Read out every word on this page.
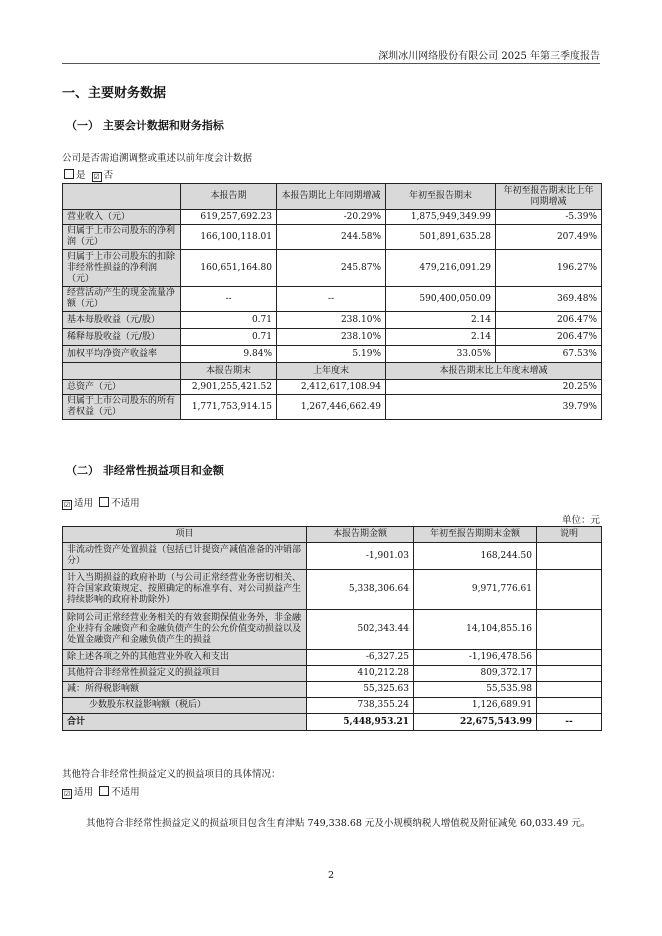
深圳冰川网络股份有限公司 2025 年第三季度报告
一、主要财务数据
（一） 主要会计数据和财务指标
公司是否需追溯调整或重述以前年度会计数据
是 ☑ 否
	本报告期	本报告期比上年同期增减	年初至报告期末	年初至报告期末比上年同期增减
营业收入（元）	619,257,692.23	-20.29%	1,875,949,349.99	-5.39%
归属于上市公司股东的净利润（元）	166,100,118.01	244.58%	501,891,635.28	207.49%
归属于上市公司股东的扣除非经常性损益的净利润（元）	160,651,164.80	245.87%	479,216,091.29	196.27%
经营活动产生的现金流量净额（元）	--	--	590,400,050.09	369.48%
基本每股收益（元/股）	0.71	238.10%	2.14	206.47%
稀释每股收益（元/股）	0.71	238.10%	2.14	206.47%
加权平均净资产收益率	9.84%	5.19%	33.05%	67.53%
	本报告期末	上年度末	本报告期末比上年度末增减	
总资产（元）	2,901,255,421.52	2,412,617,108.94	20.25%	
归属于上市公司股东的所有者权益（元）	1,771,753,914.15	1,267,446,662.49	39.79%	
（二） 非经常性损益项目和金额
☑ 适用 不适用
单位：元
项目	本报告期金额	年初至报告期期末金额	说明
非流动性资产处置损益（包括已计提资产减值准备的冲销部分）	-1,901.03	168,244.50	
计入当期损益的政府补助（与公司正常经营业务密切相关、符合国家政策规定、按照确定的标准享有、对公司损益产生持续影响的政府补助除外）	5,338,306.64	9,971,776.61	
除同公司正常经营业务相关的有效套期保值业务外，非金融企业持有金融资产和金融负债产生的公允价值变动损益以及处置金融资产和金融负债产生的损益	502,343.44	14,104,855.16	
除上述各项之外的其他营业外收入和支出	-6,327.25	-1,196,478.56	
其他符合非经常性损益定义的损益项目	410,212.28	809,372.17	
减：所得税影响额	55,325.63	55,535.98	
少数股东权益影响额（税后）	738,355.24	1,126,689.91	
合计	5,448,953.21	22,675,543.99	--
其他符合非经常性损益定义的损益项目的具体情况：
☑ 适用 不适用
其他符合非经常性损益定义的损益项目包含生育津贴 749,338.68 元及小规模纳税人增值税及附征减免 60,033.49 元。
2
